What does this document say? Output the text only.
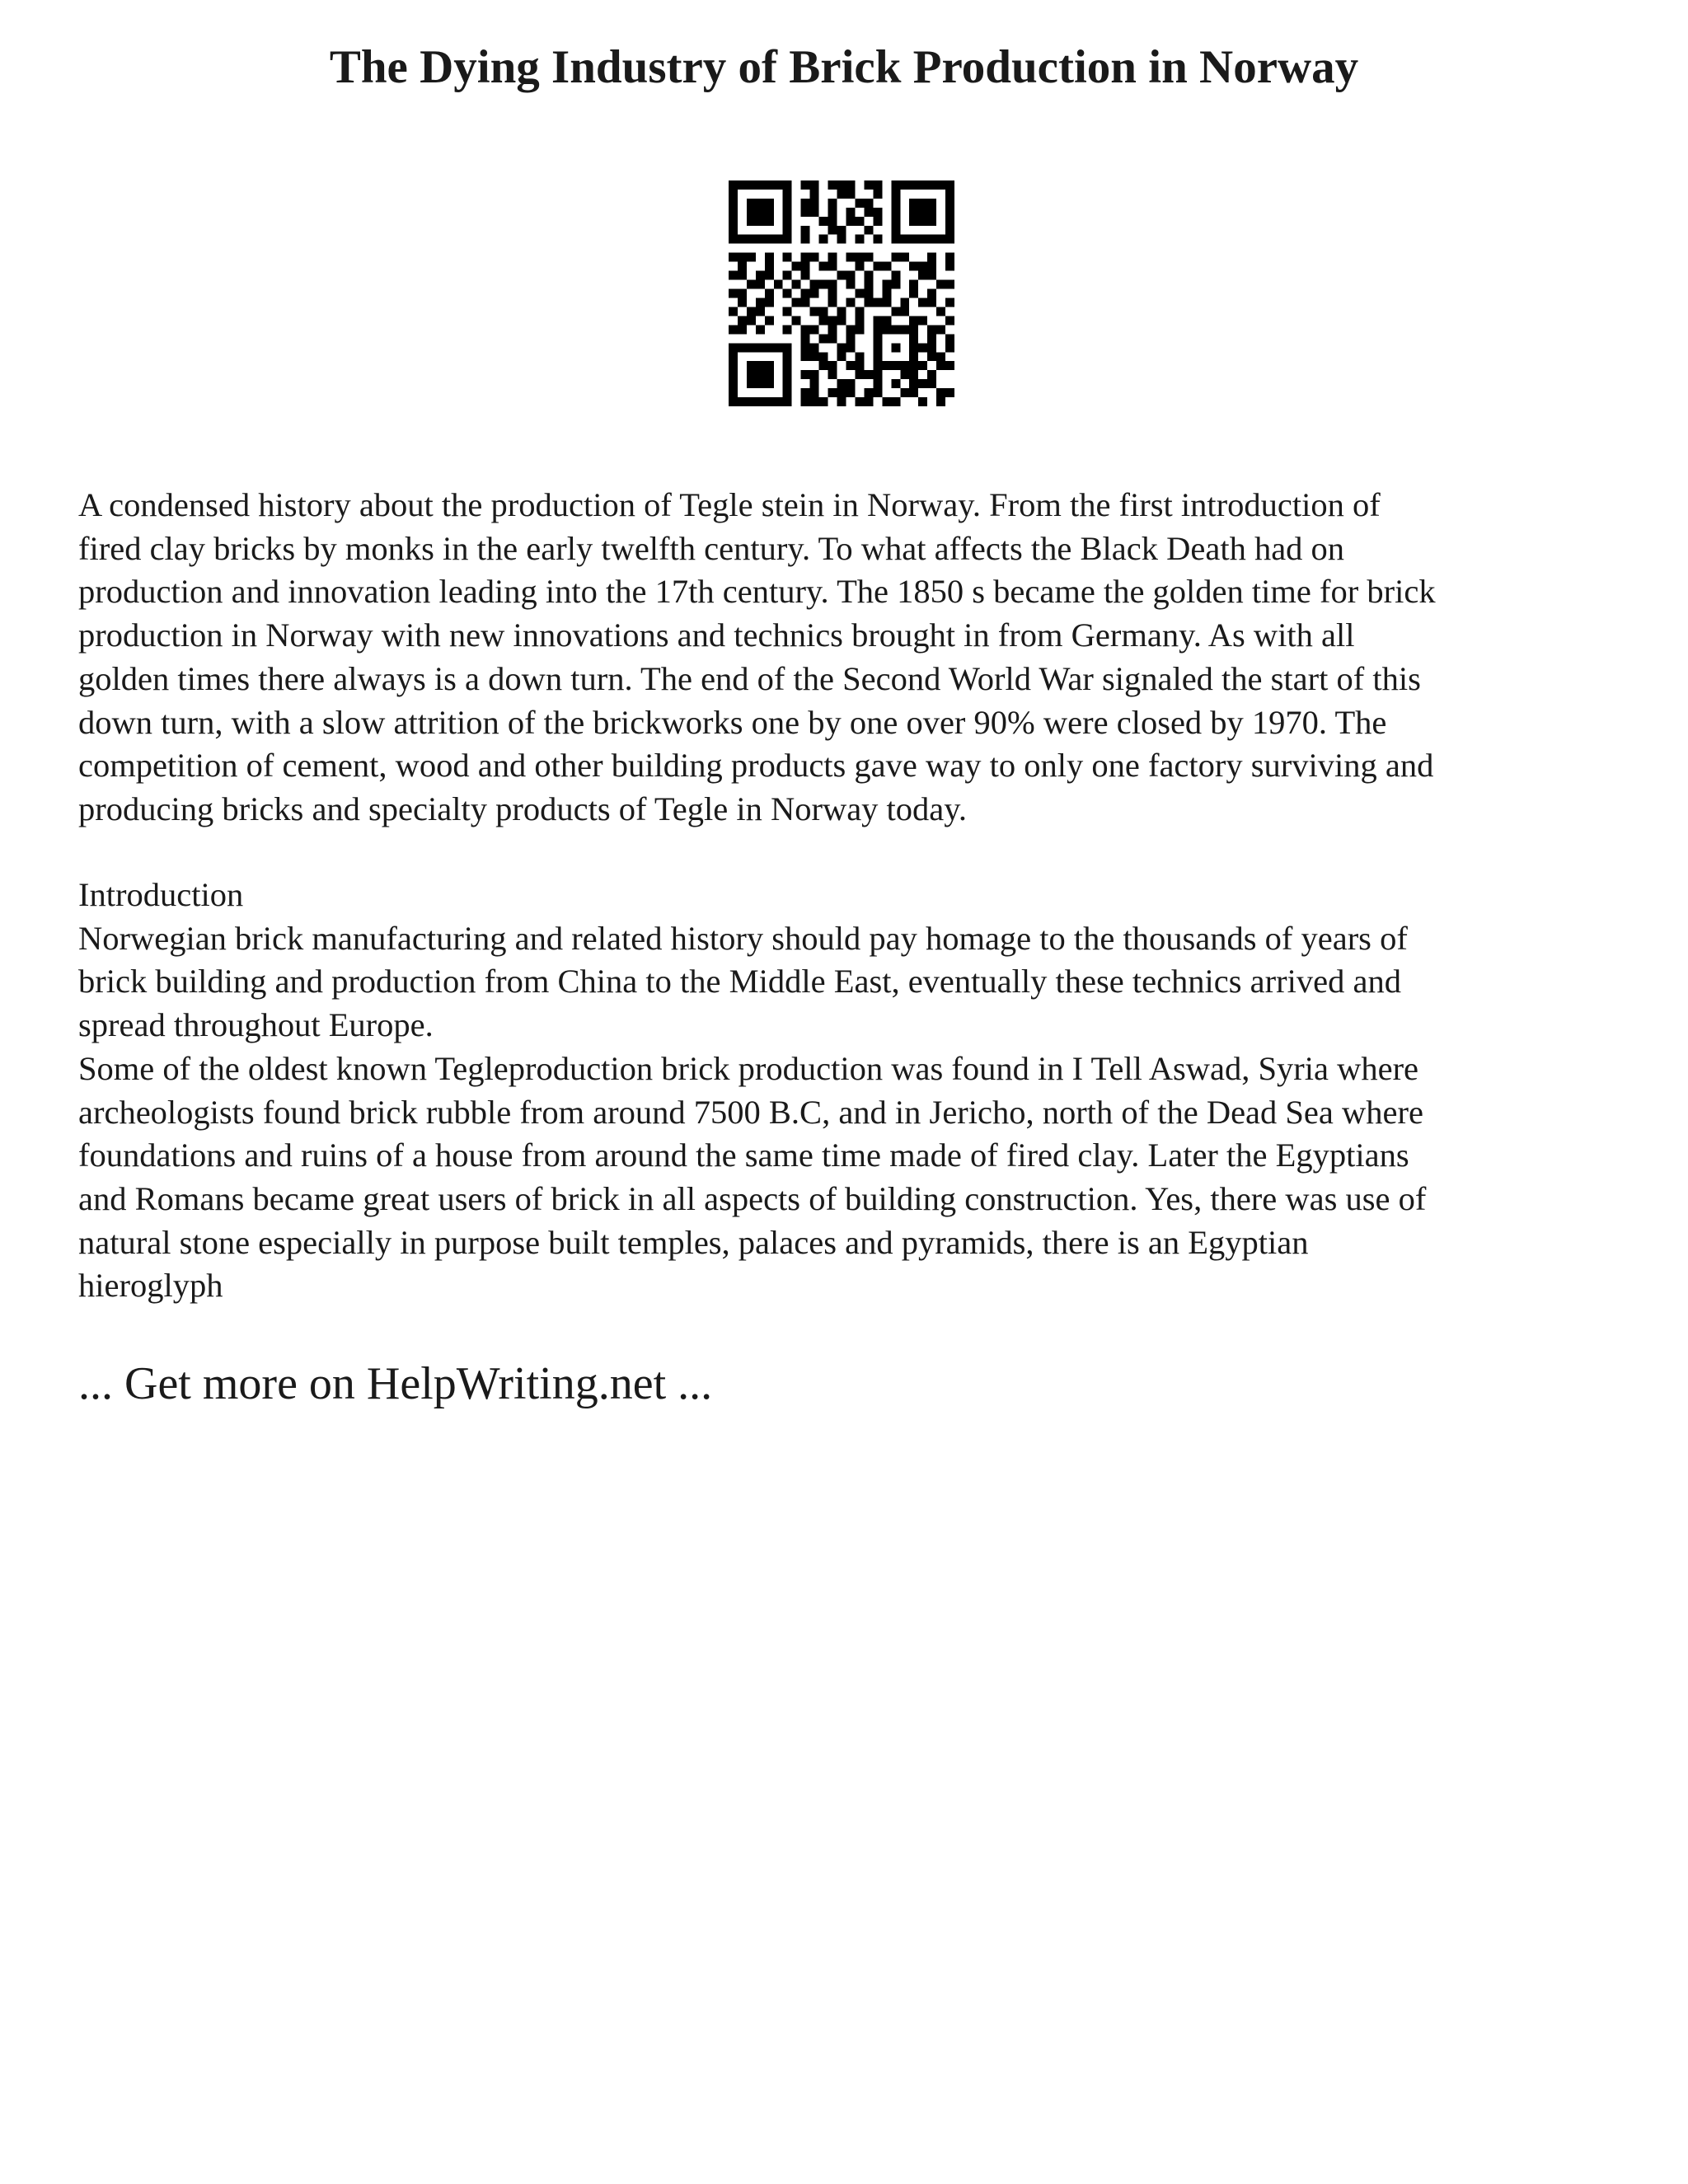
The Dying Industry of Brick Production in Norway
A condensed history about the production of Tegle stein in Norway. From the first introduction of
fired clay bricks by monks in the early twelfth century. To what affects the Black Death had on
production and innovation leading into the 17th century. The 1850 s became the golden time for brick
production in Norway with new innovations and technics brought in from Germany. As with all
golden times there always is a down turn. The end of the Second World War signaled the start of this
down turn, with a slow attrition of the brickworks one by one over 90% were closed by 1970. The
competition of cement, wood and other building products gave way to only one factory surviving and
producing bricks and specialty products of Tegle in Norway today.
Introduction
Norwegian brick manufacturing and related history should pay homage to the thousands of years of
brick building and production from China to the Middle East, eventually these technics arrived and
spread throughout Europe.
Some of the oldest known Tegleproduction brick production was found in I Tell Aswad, Syria where
archeologists found brick rubble from around 7500 B.C, and in Jericho, north of the Dead Sea where
foundations and ruins of a house from around the same time made of fired clay. Later the Egyptians
and Romans became great users of brick in all aspects of building construction. Yes, there was use of
natural stone especially in purpose built temples, palaces and pyramids, there is an Egyptian
hieroglyph
... Get more on HelpWriting.net ...
